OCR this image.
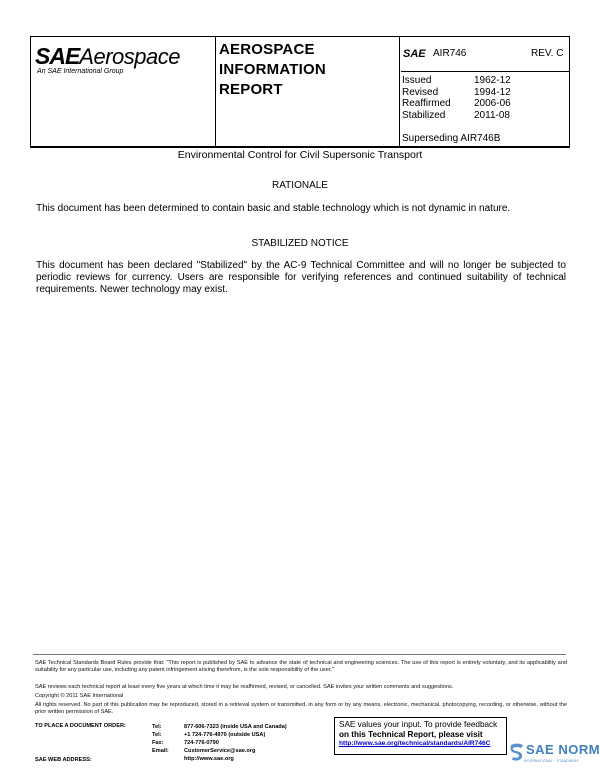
SAEAerospace
An SAE International Group
AEROSPACE
INFORMATION
REPORT
SAE AIR746	REV. C
Issued	1962-12
Revised	1994-12
Reaffirmed	2006-06
Stabilized	2011-08
Superseding AIR746B
Environmental Control for Civil Supersonic Transport
RATIONALE
This document has been determined to contain basic and stable technology which is not dynamic in nature.
STABILIZED NOTICE
This document has been declared "Stabilized" by the AC-9 Technical Committee and will no longer be subjected to periodic reviews for currency. Users are responsible for verifying references and continued suitability of technical requirements. Newer technology may exist.
SAE Technical Standards Board Rules provide that: "This report is published by SAE to advance the state of technical and engineering sciences. The use of this report is entirely voluntary, and its applicability and suitability for any particular use, including any patent infringement arising therefrom, is the sole responsibility of the user."
SAE reviews each technical report at least every five years at which time it may be reaffirmed, revised, or cancelled. SAE invites your written comments and suggestions.
Copyright © 2011 SAE International
All rights reserved. No part of this publication may be reproduced, stored in a retrieval system or transmitted, in any form or by any means, electronic, mechanical, photocopying, recording, or otherwise, without the prior written permission of SAE.
TO PLACE A DOCUMENT ORDER:
SAE WEB ADDRESS:
Tel:	877-606-7323 (inside USA and Canada)
Tel:	+1 724-776-4970 (outside USA)
Fax:	724-776-0790
Email:	CustomerService@sae.org
http://www.sae.org
SAE values your input. To provide feedback
on this Technical Report, please visit
http://www.sae.org/technical/standards/AIR746C	SAE NORM
INTERNATIONAL · STANDARDS
